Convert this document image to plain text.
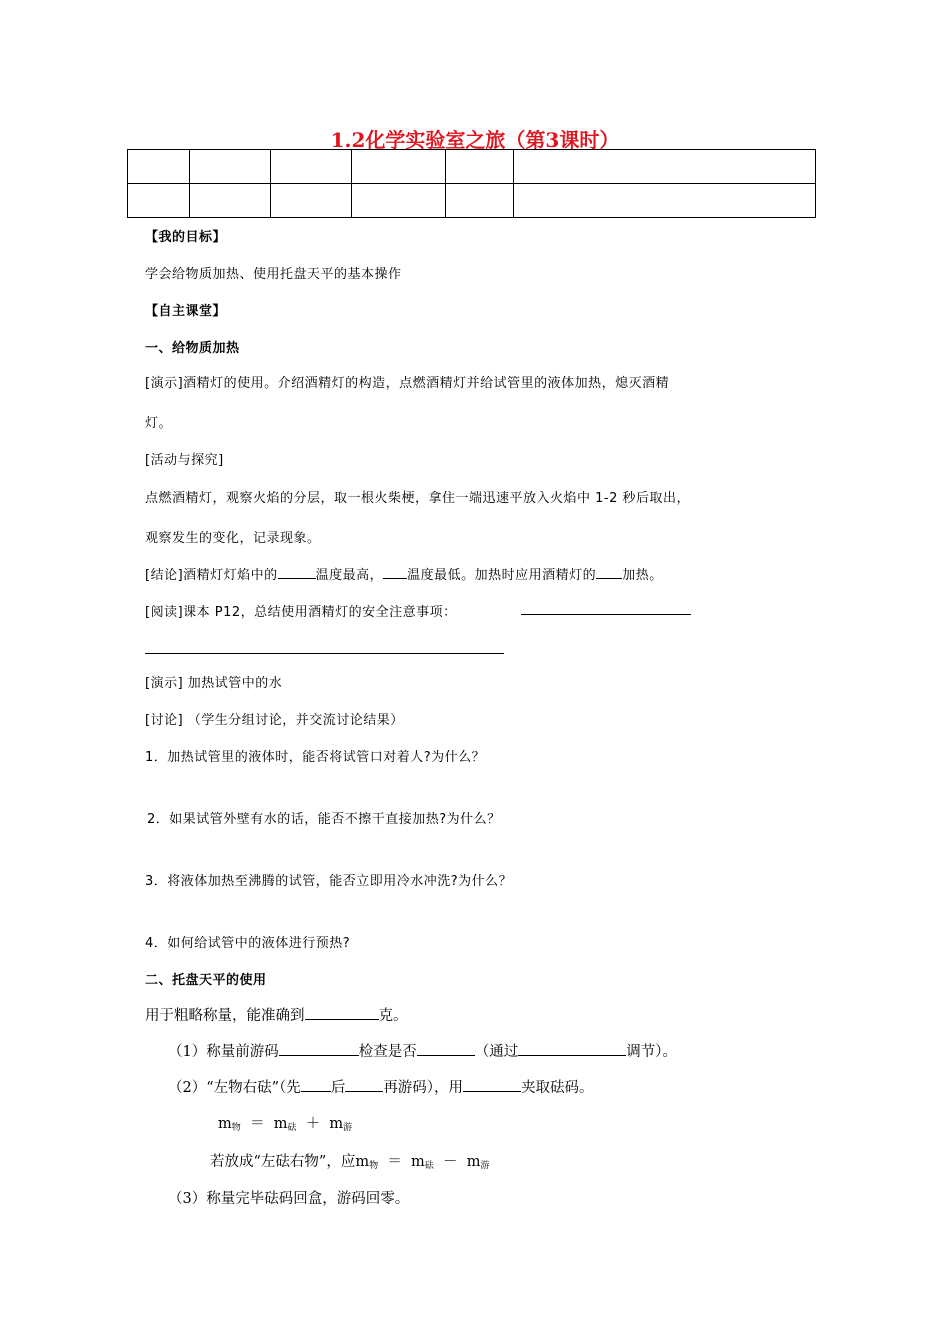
1.2化学实验室之旅（第3课时）

【我的目标】
学会给物质加热、使用托盘天平的基本操作
【自主课堂】
一、给物质加热
[演示]酒精灯的使用。介绍酒精灯的构造，点燃酒精灯并给试管里的液体加热，熄灭酒精
灯。
[活动与探究]
点燃酒精灯，观察火焰的分层，取一根火柴梗，拿住一端迅速平放入火焰中 1-2 秒后取出，
观察发生的变化，记录现象。
[结论]酒精灯灯焰中的	温度最高， 温度最低。加热时应用酒精灯的 加热。
[阅读]课本 P12，总结使用酒精灯的安全注意事项：
[演示] 加热试管中的水
[讨论] （学生分组讨论，并交流讨论结果）
1．加热试管里的液体时，能否将试管口对着人?为什么？
2．如果试管外壁有水的话，能否不擦干直接加热?为什么？
3．将液体加热至沸腾的试管，能否立即用冷水冲洗?为什么？
4．如何给试管中的液体进行预热?
二、托盘天平的使用
用于粗略称量，能准确到	克。
（1）称量前游码	检查是否	（通过	调节）。
（2）“左物右砝”（先 后	再游码），用	夹取砝码。
$m_物 = m_砝 + m_游$
若放成“左砝右物”，应$m_物 = m_砝 - m_游$
（3）称量完毕砝码回盒，游码回零。
